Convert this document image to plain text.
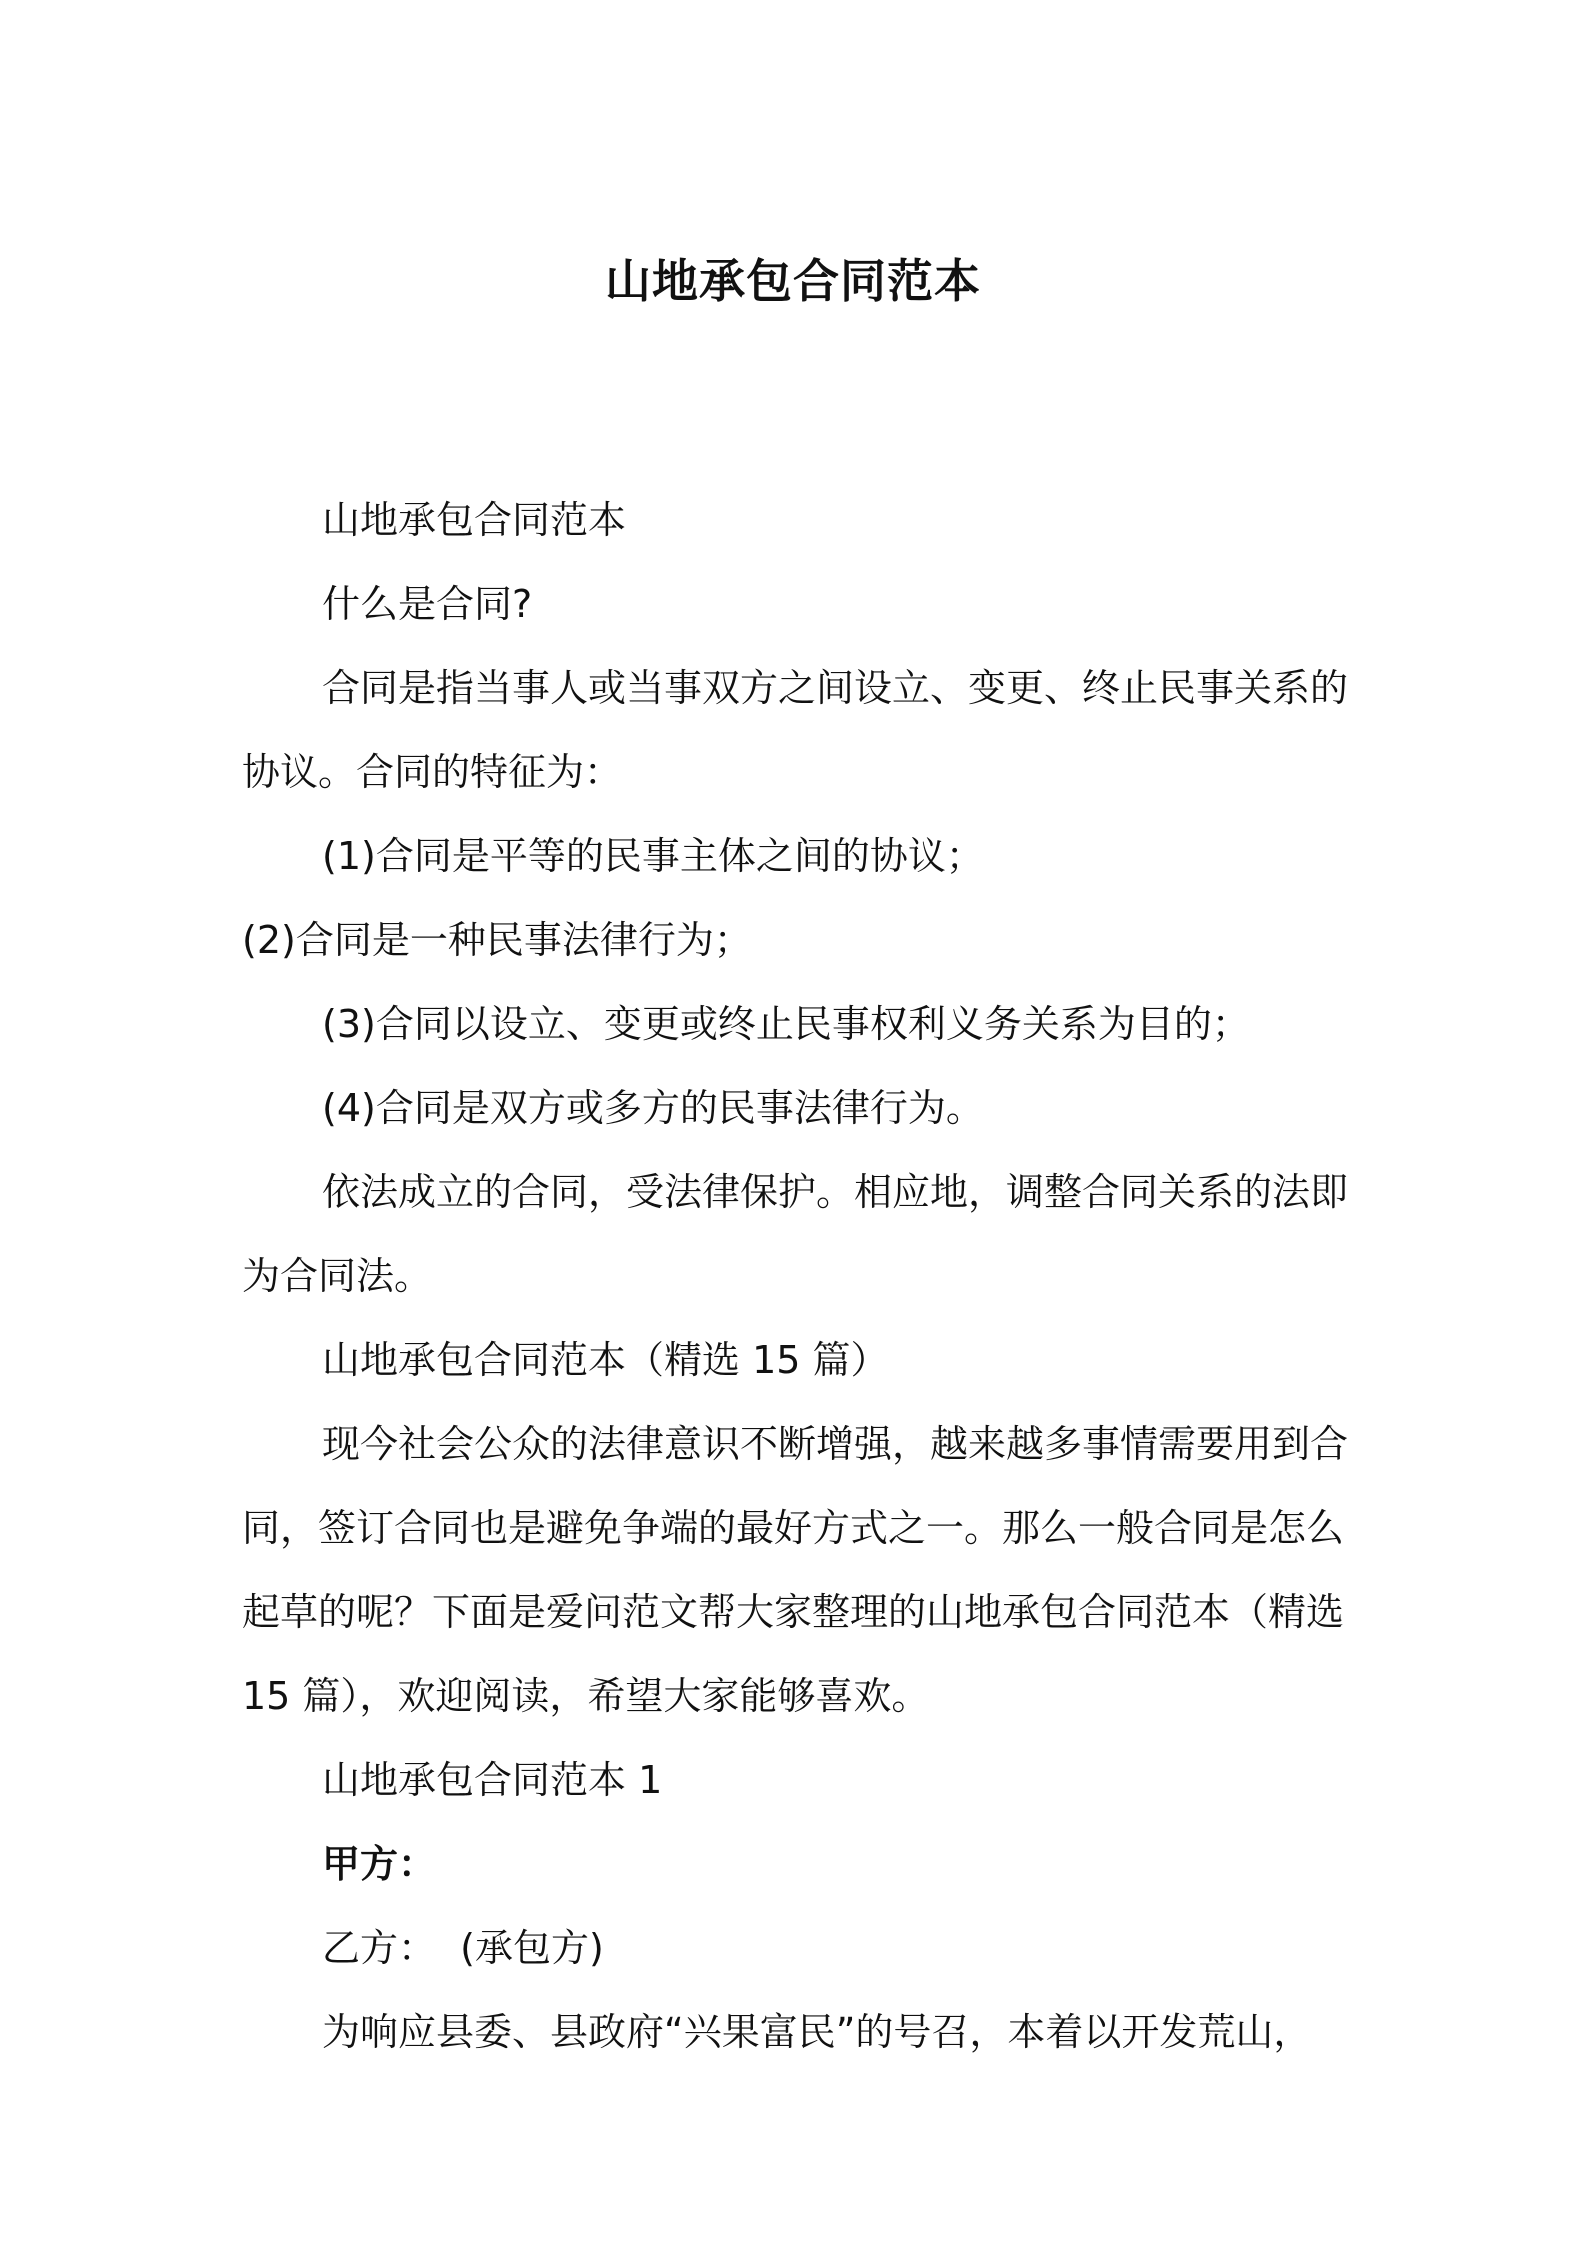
山地承包合同范本

山地承包合同范本

什么是合同?

合同是指当事人或当事双方之间设立、变更、终止民事关系的协议。合同的特征为：

(1)合同是平等的民事主体之间的协议；

(2)合同是一种民事法律行为；

(3)合同以设立、变更或终止民事权利义务关系为目的；

(4)合同是双方或多方的民事法律行为。

依法成立的合同，受法律保护。相应地，调整合同关系的法即为合同法。

山地承包合同范本（精选 15 篇）

现今社会公众的法律意识不断增强，越来越多事情需要用到合同，签订合同也是避免争端的最好方式之一。那么一般合同是怎么起草的呢？下面是爱问范文帮大家整理的山地承包合同范本（精选 15 篇），欢迎阅读，希望大家能够喜欢。

山地承包合同范本 1

甲方：

乙方：  (承包方)

为响应县委、县政府“兴果富民”的号召，本着以开发荒山，
